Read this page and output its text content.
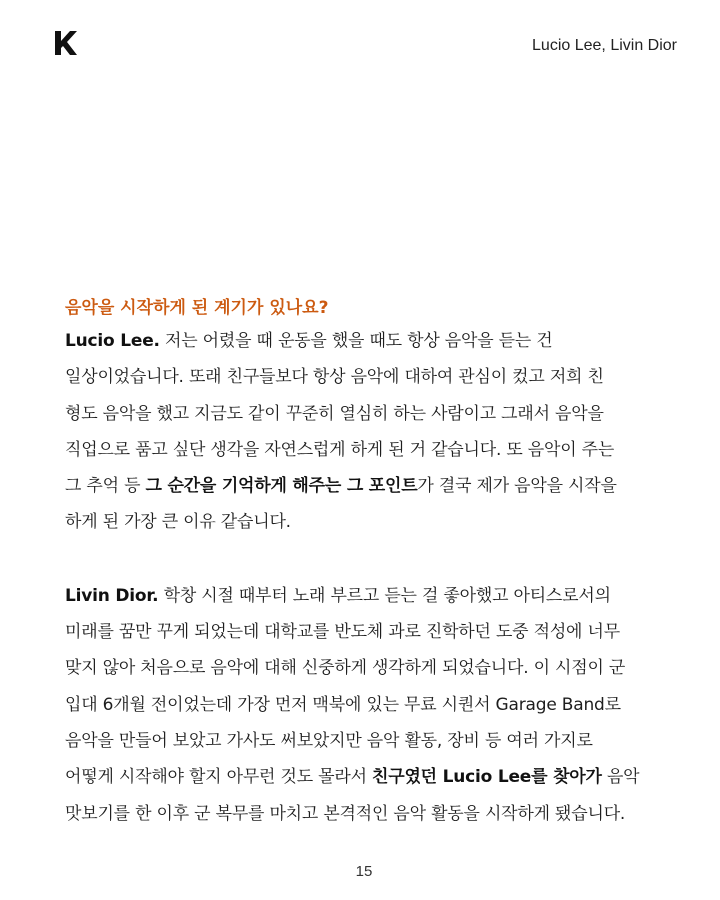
Lucio Lee, Livin Dior
음악을 시작하게 된 계기가 있나요?
Lucio Lee. 저는 어렸을 때 운동을 했을 때도 항상 음악을 듣는 건
일상이었습니다. 또래 친구들보다 항상 음악에 대하여 관심이 컸고 저희 친
형도 음악을 했고 지금도 같이 꾸준히 열심히 하는 사람이고 그래서 음악을
직업으로 품고 싶단 생각을 자연스럽게 하게 된 거 같습니다. 또 음악이 주는
그 추억 등 그 순간을 기억하게 해주는 그 포인트가 결국 제가 음악을 시작을
하게 된 가장 큰 이유 같습니다.
Livin Dior. 학창 시절 때부터 노래 부르고 듣는 걸 좋아했고 아티스로서의
미래를 꿈만 꾸게 되었는데 대학교를 반도체 과로 진학하던 도중 적성에 너무
맞지 않아 처음으로 음악에 대해 신중하게 생각하게 되었습니다. 이 시점이 군
입대 6개월 전이었는데 가장 먼저 맥북에 있는 무료 시퀀서 Garage Band로
음악을 만들어 보았고 가사도 써보았지만 음악 활동, 장비 등 여러 가지로
어떻게 시작해야 할지 아무런 것도 몰라서 친구였던 Lucio Lee를 찾아가 음악
맛보기를 한 이후 군 복무를 마치고 본격적인 음악 활동을 시작하게 됐습니다.
15
